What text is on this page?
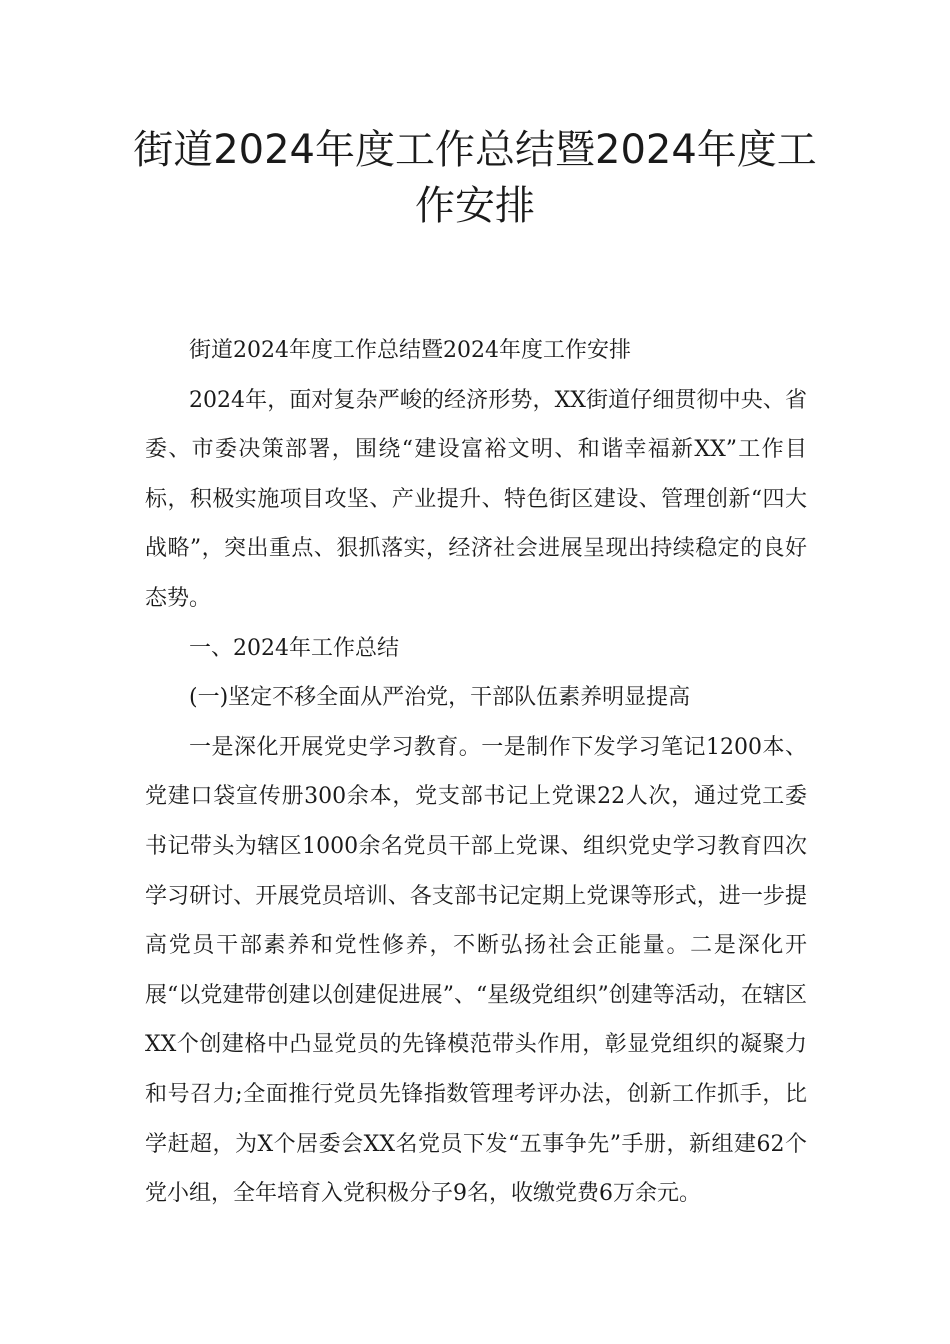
街道2024年度工作总结暨2024年度工作安排

街道2024年度工作总结暨2024年度工作安排

2024年，面对复杂严峻的经济形势，XX街道仔细贯彻中央、省委、市委决策部署，围绕“建设富裕文明、和谐幸福新XX”工作目标，积极实施项目攻坚、产业提升、特色街区建设、管理创新“四大战略”，突出重点、狠抓落实，经济社会进展呈现出持续稳定的良好态势。

一、2024年工作总结

(一)坚定不移全面从严治党，干部队伍素养明显提高

一是深化开展党史学习教育。一是制作下发学习笔记1200本、党建口袋宣传册300余本，党支部书记上党课22人次，通过党工委书记带头为辖区1000余名党员干部上党课、组织党史学习教育四次学习研讨、开展党员培训、各支部书记定期上党课等形式，进一步提高党员干部素养和党性修养，不断弘扬社会正能量。二是深化开展“以党建带创建以创建促进展”、“星级党组织”创建等活动，在辖区XX个创建格中凸显党员的先锋模范带头作用，彰显党组织的凝聚力和号召力;全面推行党员先锋指数管理考评办法，创新工作抓手，比学赶超，为X个居委会XX名党员下发“五事争先”手册，新组建62个党小组，全年培育入党积极分子9名，收缴党费6万余元。
